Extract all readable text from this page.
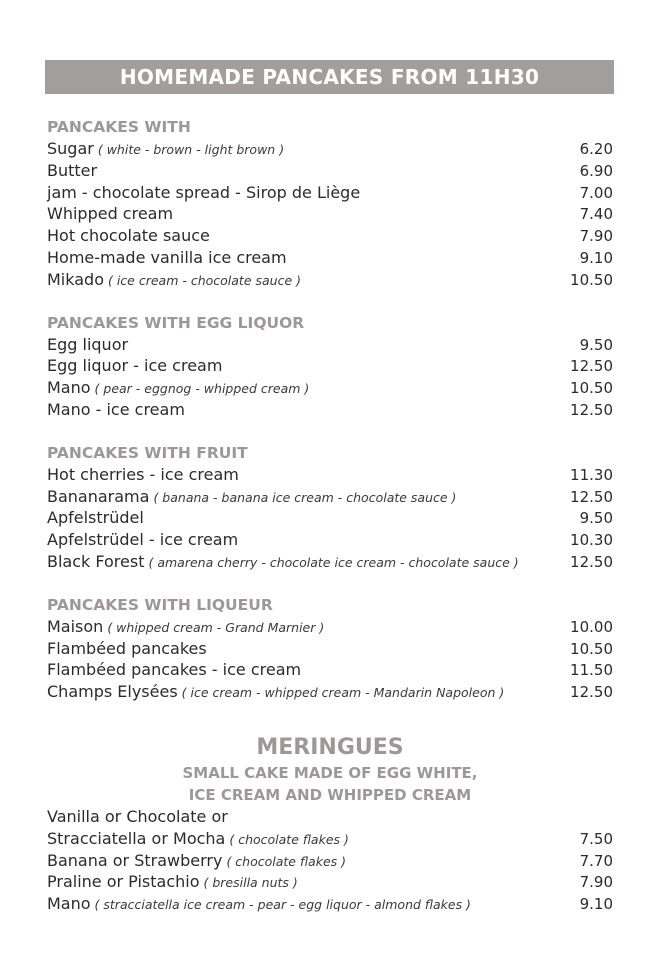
HOMEMADE PANCAKES FROM 11H30
PANCAKES WITH
Sugar ( white - brown - light brown )	6.20
Butter	6.90
jam - chocolate spread - Sirop de Liège	7.00
Whipped cream	7.40
Hot chocolate sauce	7.90
Home-made vanilla ice cream	9.10
Mikado ( ice cream - chocolate sauce )	10.50
PANCAKES WITH EGG LIQUOR
Egg liquor	9.50
Egg liquor - ice cream	12.50
Mano ( pear - eggnog - whipped cream )	10.50
Mano - ice cream	12.50
PANCAKES WITH FRUIT
Hot cherries - ice cream	11.30
Bananarama ( banana - banana ice cream - chocolate sauce )	12.50
Apfelstrüdel	9.50
Apfelstrüdel - ice cream	10.30
Black Forest ( amarena cherry - chocolate ice cream - chocolate sauce )	12.50
PANCAKES WITH LIQUEUR
Maison ( whipped cream - Grand Marnier )	10.00
Flambéed pancakes	10.50
Flambéed pancakes - ice cream	11.50
Champs Elysées ( ice cream - whipped cream - Mandarin Napoleon )	12.50
MERINGUES
SMALL CAKE MADE OF EGG WHITE,
ICE CREAM AND WHIPPED CREAM
Vanilla or Chocolate or
Stracciatella or Mocha ( chocolate flakes )	7.50
Banana or Strawberry ( chocolate flakes )	7.70
Praline or Pistachio ( bresilla nuts )	7.90
Mano ( stracciatella ice cream - pear - egg liquor - almond flakes )	9.10
